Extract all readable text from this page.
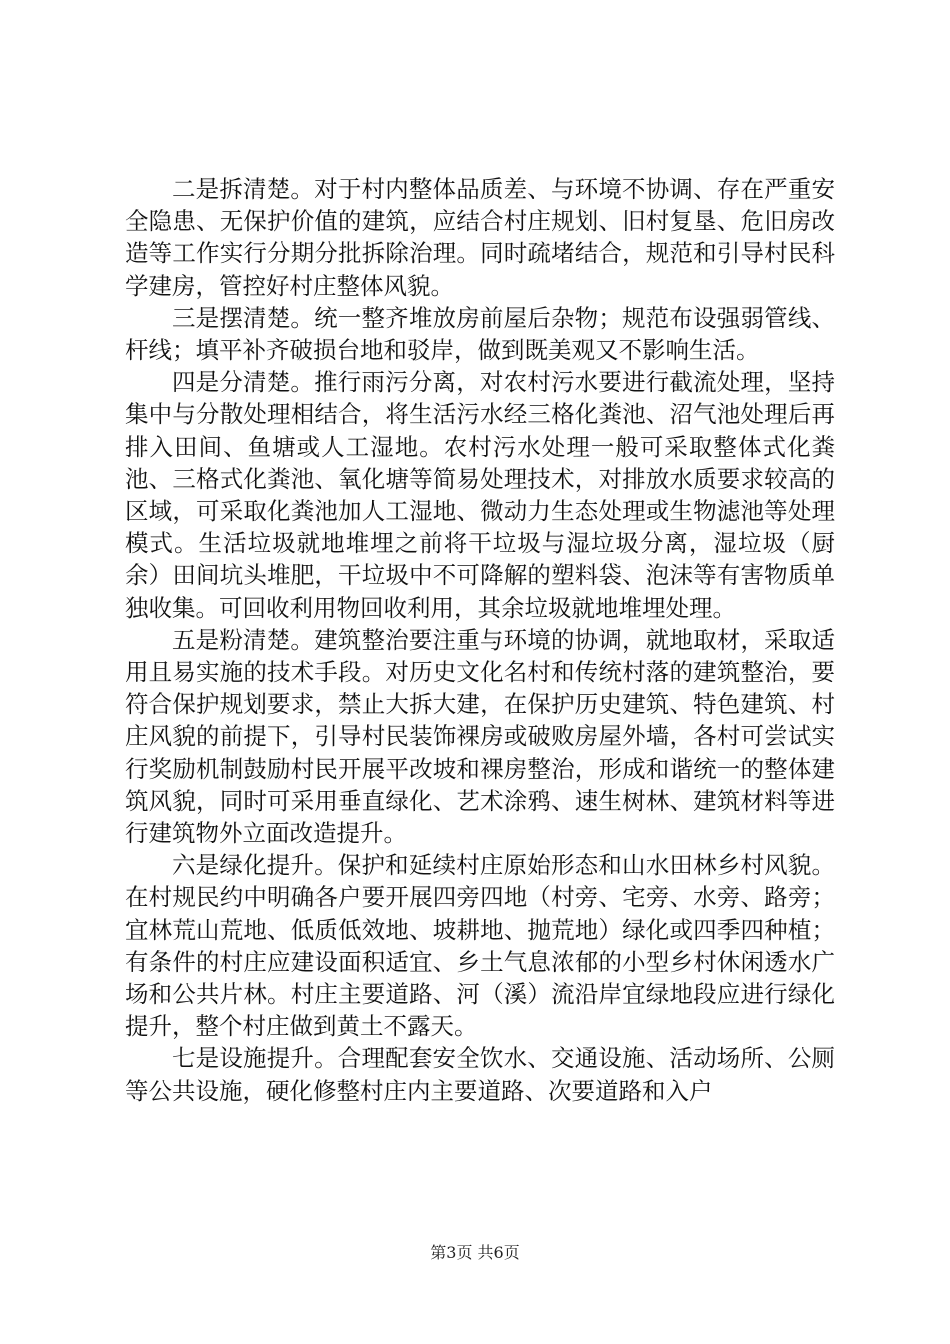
二是拆清楚。对于村内整体品质差、与环境不协调、存在严重安全隐患、无保护价值的建筑，应结合村庄规划、旧村复垦、危旧房改造等工作实行分期分批拆除治理。同时疏堵结合，规范和引导村民科学建房，管控好村庄整体风貌。

三是摆清楚。统一整齐堆放房前屋后杂物；规范布设强弱管线、杆线；填平补齐破损台地和驳岸，做到既美观又不影响生活。

四是分清楚。推行雨污分离，对农村污水要进行截流处理，坚持集中与分散处理相结合，将生活污水经三格化粪池、沼气池处理后再排入田间、鱼塘或人工湿地。农村污水处理一般可采取整体式化粪池、三格式化粪池、氧化塘等简易处理技术，对排放水质要求较高的区域，可采取化粪池加人工湿地、微动力生态处理或生物滤池等处理模式。生活垃圾就地堆埋之前将干垃圾与湿垃圾分离，湿垃圾（厨余）田间坑头堆肥，干垃圾中不可降解的塑料袋、泡沫等有害物质单独收集。可回收利用物回收利用，其余垃圾就地堆埋处理。

五是粉清楚。建筑整治要注重与环境的协调，就地取材，采取适用且易实施的技术手段。对历史文化名村和传统村落的建筑整治，要符合保护规划要求，禁止大拆大建，在保护历史建筑、特色建筑、村庄风貌的前提下，引导村民装饰裸房或破败房屋外墙，各村可尝试实行奖励机制鼓励村民开展平改坡和裸房整治，形成和谐统一的整体建筑风貌，同时可采用垂直绿化、艺术涂鸦、速生树林、建筑材料等进行建筑物外立面改造提升。

六是绿化提升。保护和延续村庄原始形态和山水田林乡村风貌。在村规民约中明确各户要开展四旁四地（村旁、宅旁、水旁、路旁；宜林荒山荒地、低质低效地、坡耕地、抛荒地）绿化或四季四种植；有条件的村庄应建设面积适宜、乡土气息浓郁的小型乡村休闲透水广场和公共片林。村庄主要道路、河（溪）流沿岸宜绿地段应进行绿化提升，整个村庄做到黄土不露天。

七是设施提升。合理配套安全饮水、交通设施、活动场所、公厕等公共设施，硬化修整村庄内主要道路、次要道路和入户

第3页 共6页
